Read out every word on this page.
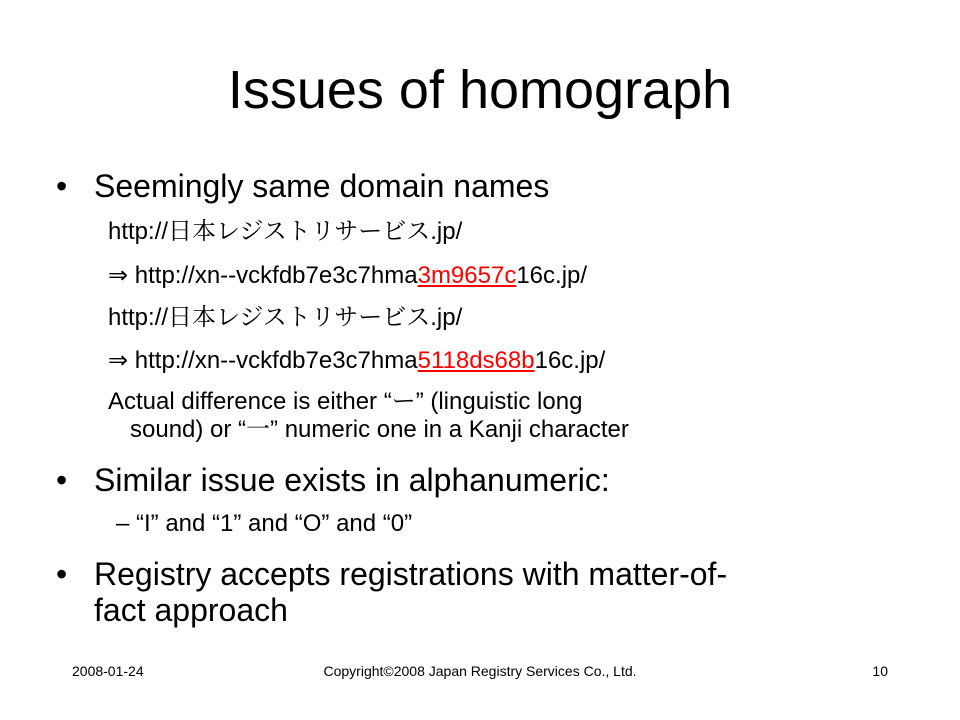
Issues of homograph
• Seemingly same domain names
http://日本レジストリサービス.jp/
⇒ http://xn--vckfdb7e3c7hma3m9657c16c.jp/
http://日本レジストリサービス.jp/
⇒ http://xn--vckfdb7e3c7hma5118ds68b16c.jp/
Actual difference is either “ー” (linguistic long
sound) or “一” numeric one in a Kanji character
• Similar issue exists in alphanumeric:
– “I” and “1” and “O” and “0”
• Registry accepts registrations with matter-of-
fact approach
2008-01-24	Copyright©2008 Japan Registry Services Co., Ltd.	10
